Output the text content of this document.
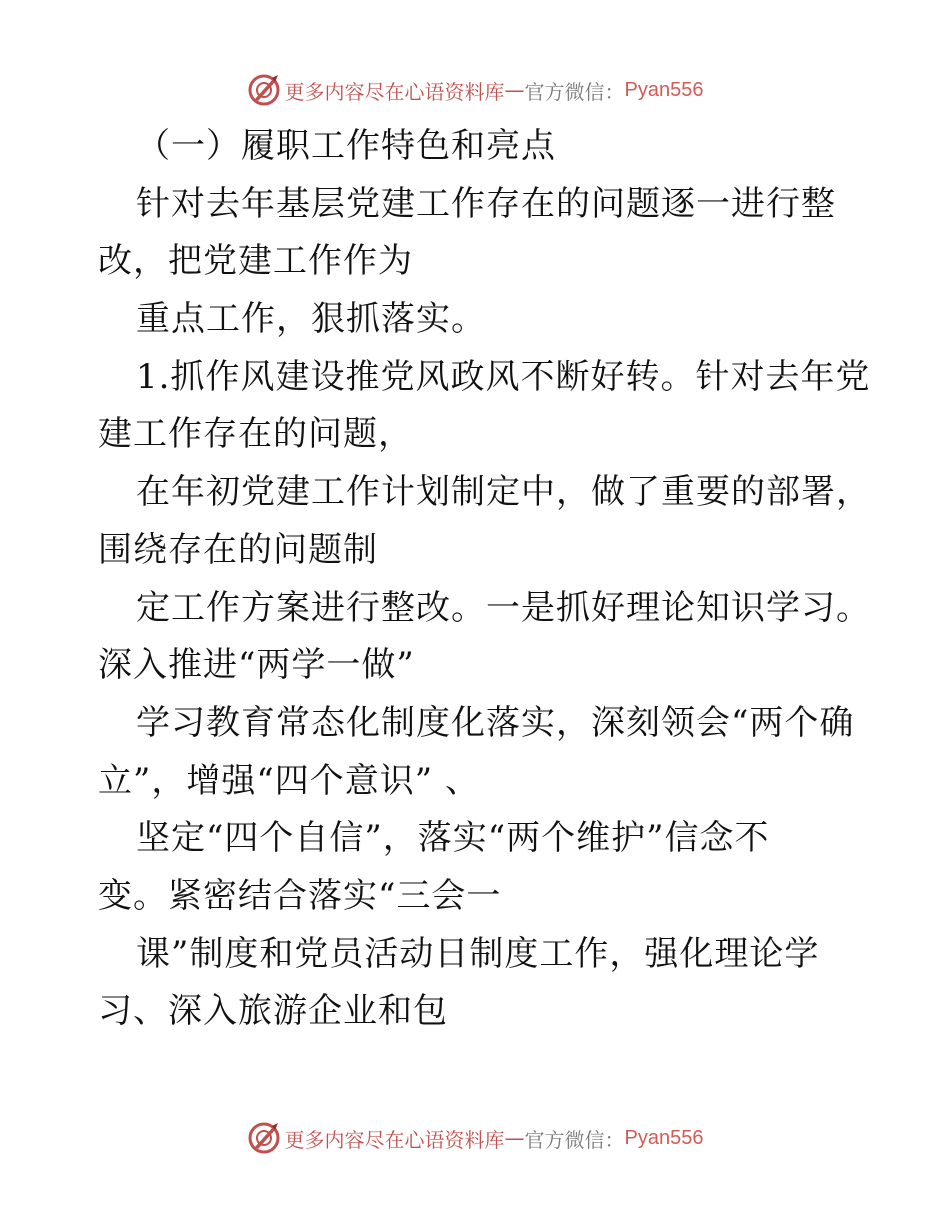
更多内容尽在心语资料库 — 官方微信： Pyan556
（一）履职工作特色和亮点
针对去年基层党建工作存在的问题逐一进行整
改，把党建工作作为
重点工作，狠抓落实。
1.抓作风建设推党风政风不断好转。针对去年党
建工作存在的问题，
在年初党建工作计划制定中，做了重要的部署，
围绕存在的问题制
定工作方案进行整改。一是抓好理论知识学习。
深入推进“两学一做”
学习教育常态化制度化落实，深刻领会“两个确
立”，增强“四个意识” 、
坚定“四个自信”，落实“两个维护”信念不
变。紧密结合落实“三会一
课”制度和党员活动日制度工作，强化理论学
习、深入旅游企业和包
更多内容尽在心语资料库 — 官方微信： Pyan556
